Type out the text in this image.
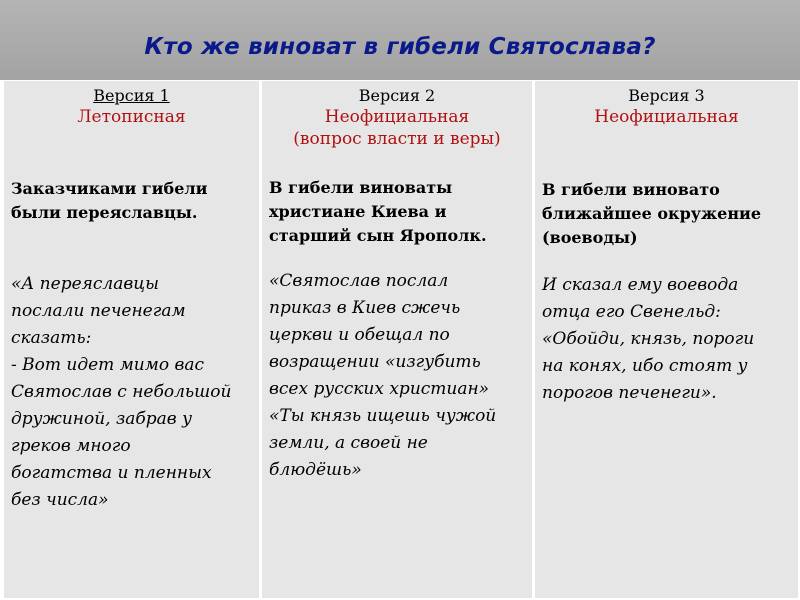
Кто же виноват в гибели Святослава?
Версия 1
Летописная
Заказчиками гибели были переяславцы.
«А переяславцы
послали печенегам
сказать:
- Вот идет мимо вас
Святослав с небольшой
дружиной, забрав у
греков много
богатства и пленных
без числа»
Версия 2
Неофициальная
(вопрос власти и веры)
В гибели виноваты христиане Киева и старший сын Ярополк.
«Святослав послал
приказ в Киев сжечь
церкви и обещал по
возращении «изгубить
всех русских христиан»
«Ты князь ищешь чужой
земли, а своей не
блюдёшь»
Версия 3
Неофициальная
В гибели виновато ближайшее окружение (воеводы)
И сказал ему воевода
отца его Свенельд:
«Обойди, князь, пороги
на конях, ибо стоят у
порогов печенеги».
